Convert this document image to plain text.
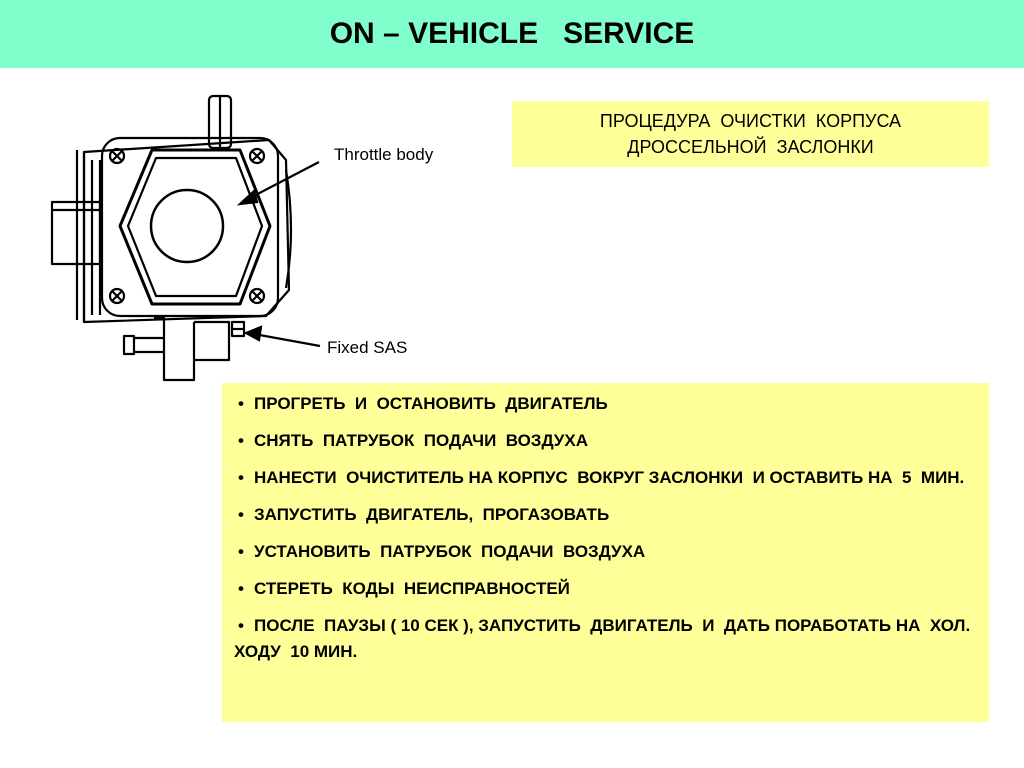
ON – VEHICLE   SERVICE
Throttle body
Fixed SAS
ПРОЦЕДУРА  ОЧИСТКИ  КОРПУСА
ДРОССЕЛЬНОЙ  ЗАСЛОНКИ
• ПРОГРЕТЬ  И  ОСТАНОВИТЬ  ДВИГАТЕЛЬ
• СНЯТЬ  ПАТРУБОК  ПОДАЧИ  ВОЗДУХА
• НАНЕСТИ  ОЧИСТИТЕЛЬ НА КОРПУС  ВОКРУГ ЗАСЛОНКИ  И ОСТАВИТЬ НА  5  МИН.
• ЗАПУСТИТЬ  ДВИГАТЕЛЬ,  ПРОГАЗОВАТЬ
• УСТАНОВИТЬ  ПАТРУБОК  ПОДАЧИ  ВОЗДУХА
• СТЕРЕТЬ  КОДЫ  НЕИСПРАВНОСТЕЙ
• ПОСЛЕ  ПАУЗЫ ( 10 СЕК ), ЗАПУСТИТЬ  ДВИГАТЕЛЬ  И  ДАТЬ ПОРАБОТАТЬ НА  ХОЛ. ХОДУ  10 МИН.
